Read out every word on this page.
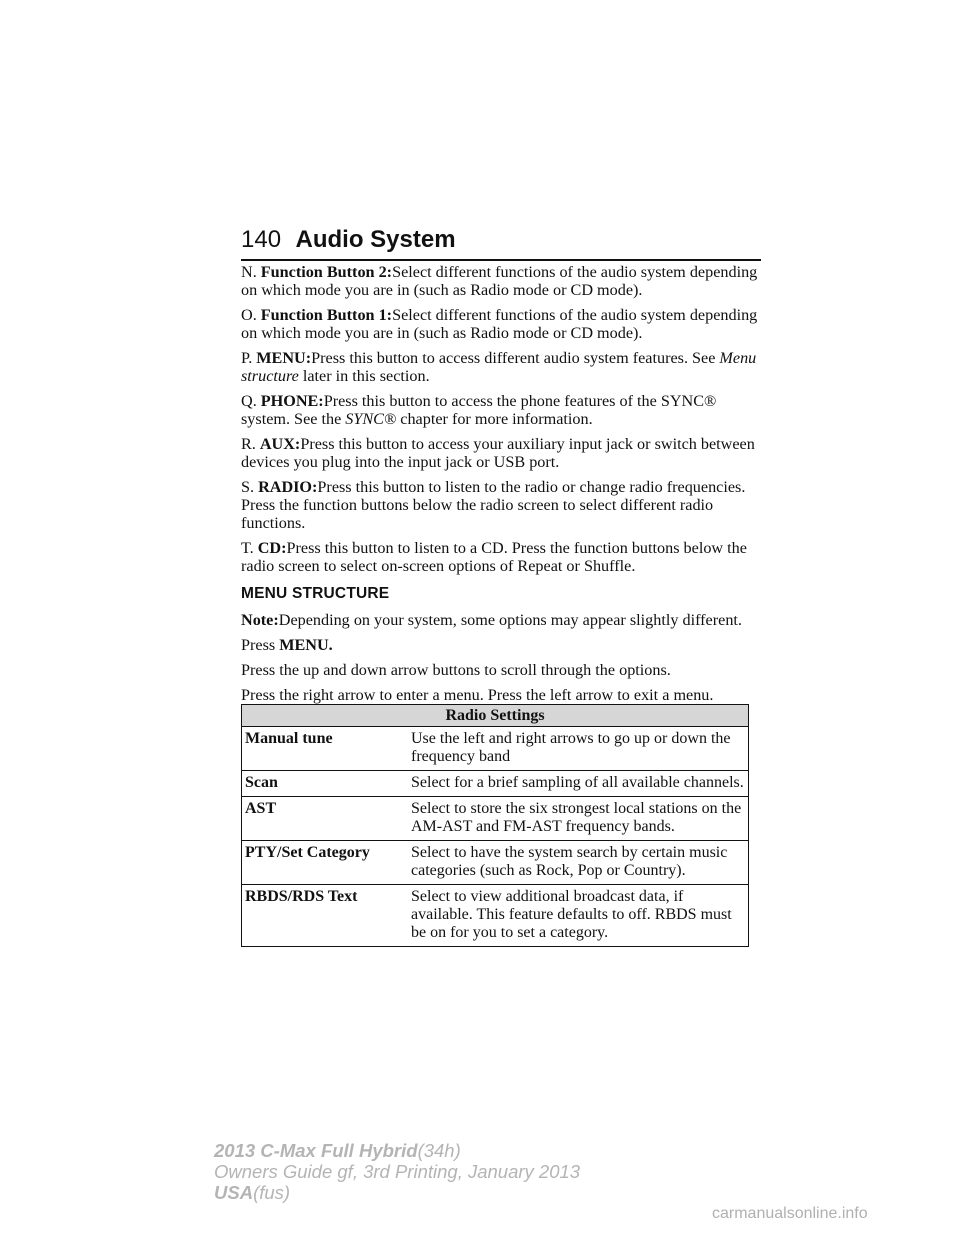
140 Audio System

N. Function Button 2:Select different functions of the audio system depending on which mode you are in (such as Radio mode or CD mode).

O. Function Button 1:Select different functions of the audio system depending on which mode you are in (such as Radio mode or CD mode).

P. MENU:Press this button to access different audio system features. See Menu structure later in this section.

Q. PHONE:Press this button to access the phone features of the SYNC® system. See the SYNC® chapter for more information.

R. AUX:Press this button to access your auxiliary input jack or switch between devices you plug into the input jack or USB port.

S. RADIO:Press this button to listen to the radio or change radio frequencies. Press the function buttons below the radio screen to select different radio functions.

T. CD:Press this button to listen to a CD. Press the function buttons below the radio screen to select on-screen options of Repeat or Shuffle.

MENU STRUCTURE

Note:Depending on your system, some options may appear slightly different.

Press MENU.

Press the up and down arrow buttons to scroll through the options.

Press the right arrow to enter a menu. Press the left arrow to exit a menu.

Radio Settings	
Manual tune	Use the left and right arrows to go up or down the frequency band
Scan	Select for a brief sampling of all available channels.
AST	Select to store the six strongest local stations on the AM-AST and FM-AST frequency bands.
PTY/Set Category	Select to have the system search by certain music categories (such as Rock, Pop or Country).
RBDS/RDS Text	Select to view additional broadcast data, if available. This feature defaults to off. RBDS must be on for you to set a category.
2013 C-Max Full Hybrid(34h)
Owners Guide gf, 3rd Printing, January 2013
USA(fus)
carmanualsonline.info
